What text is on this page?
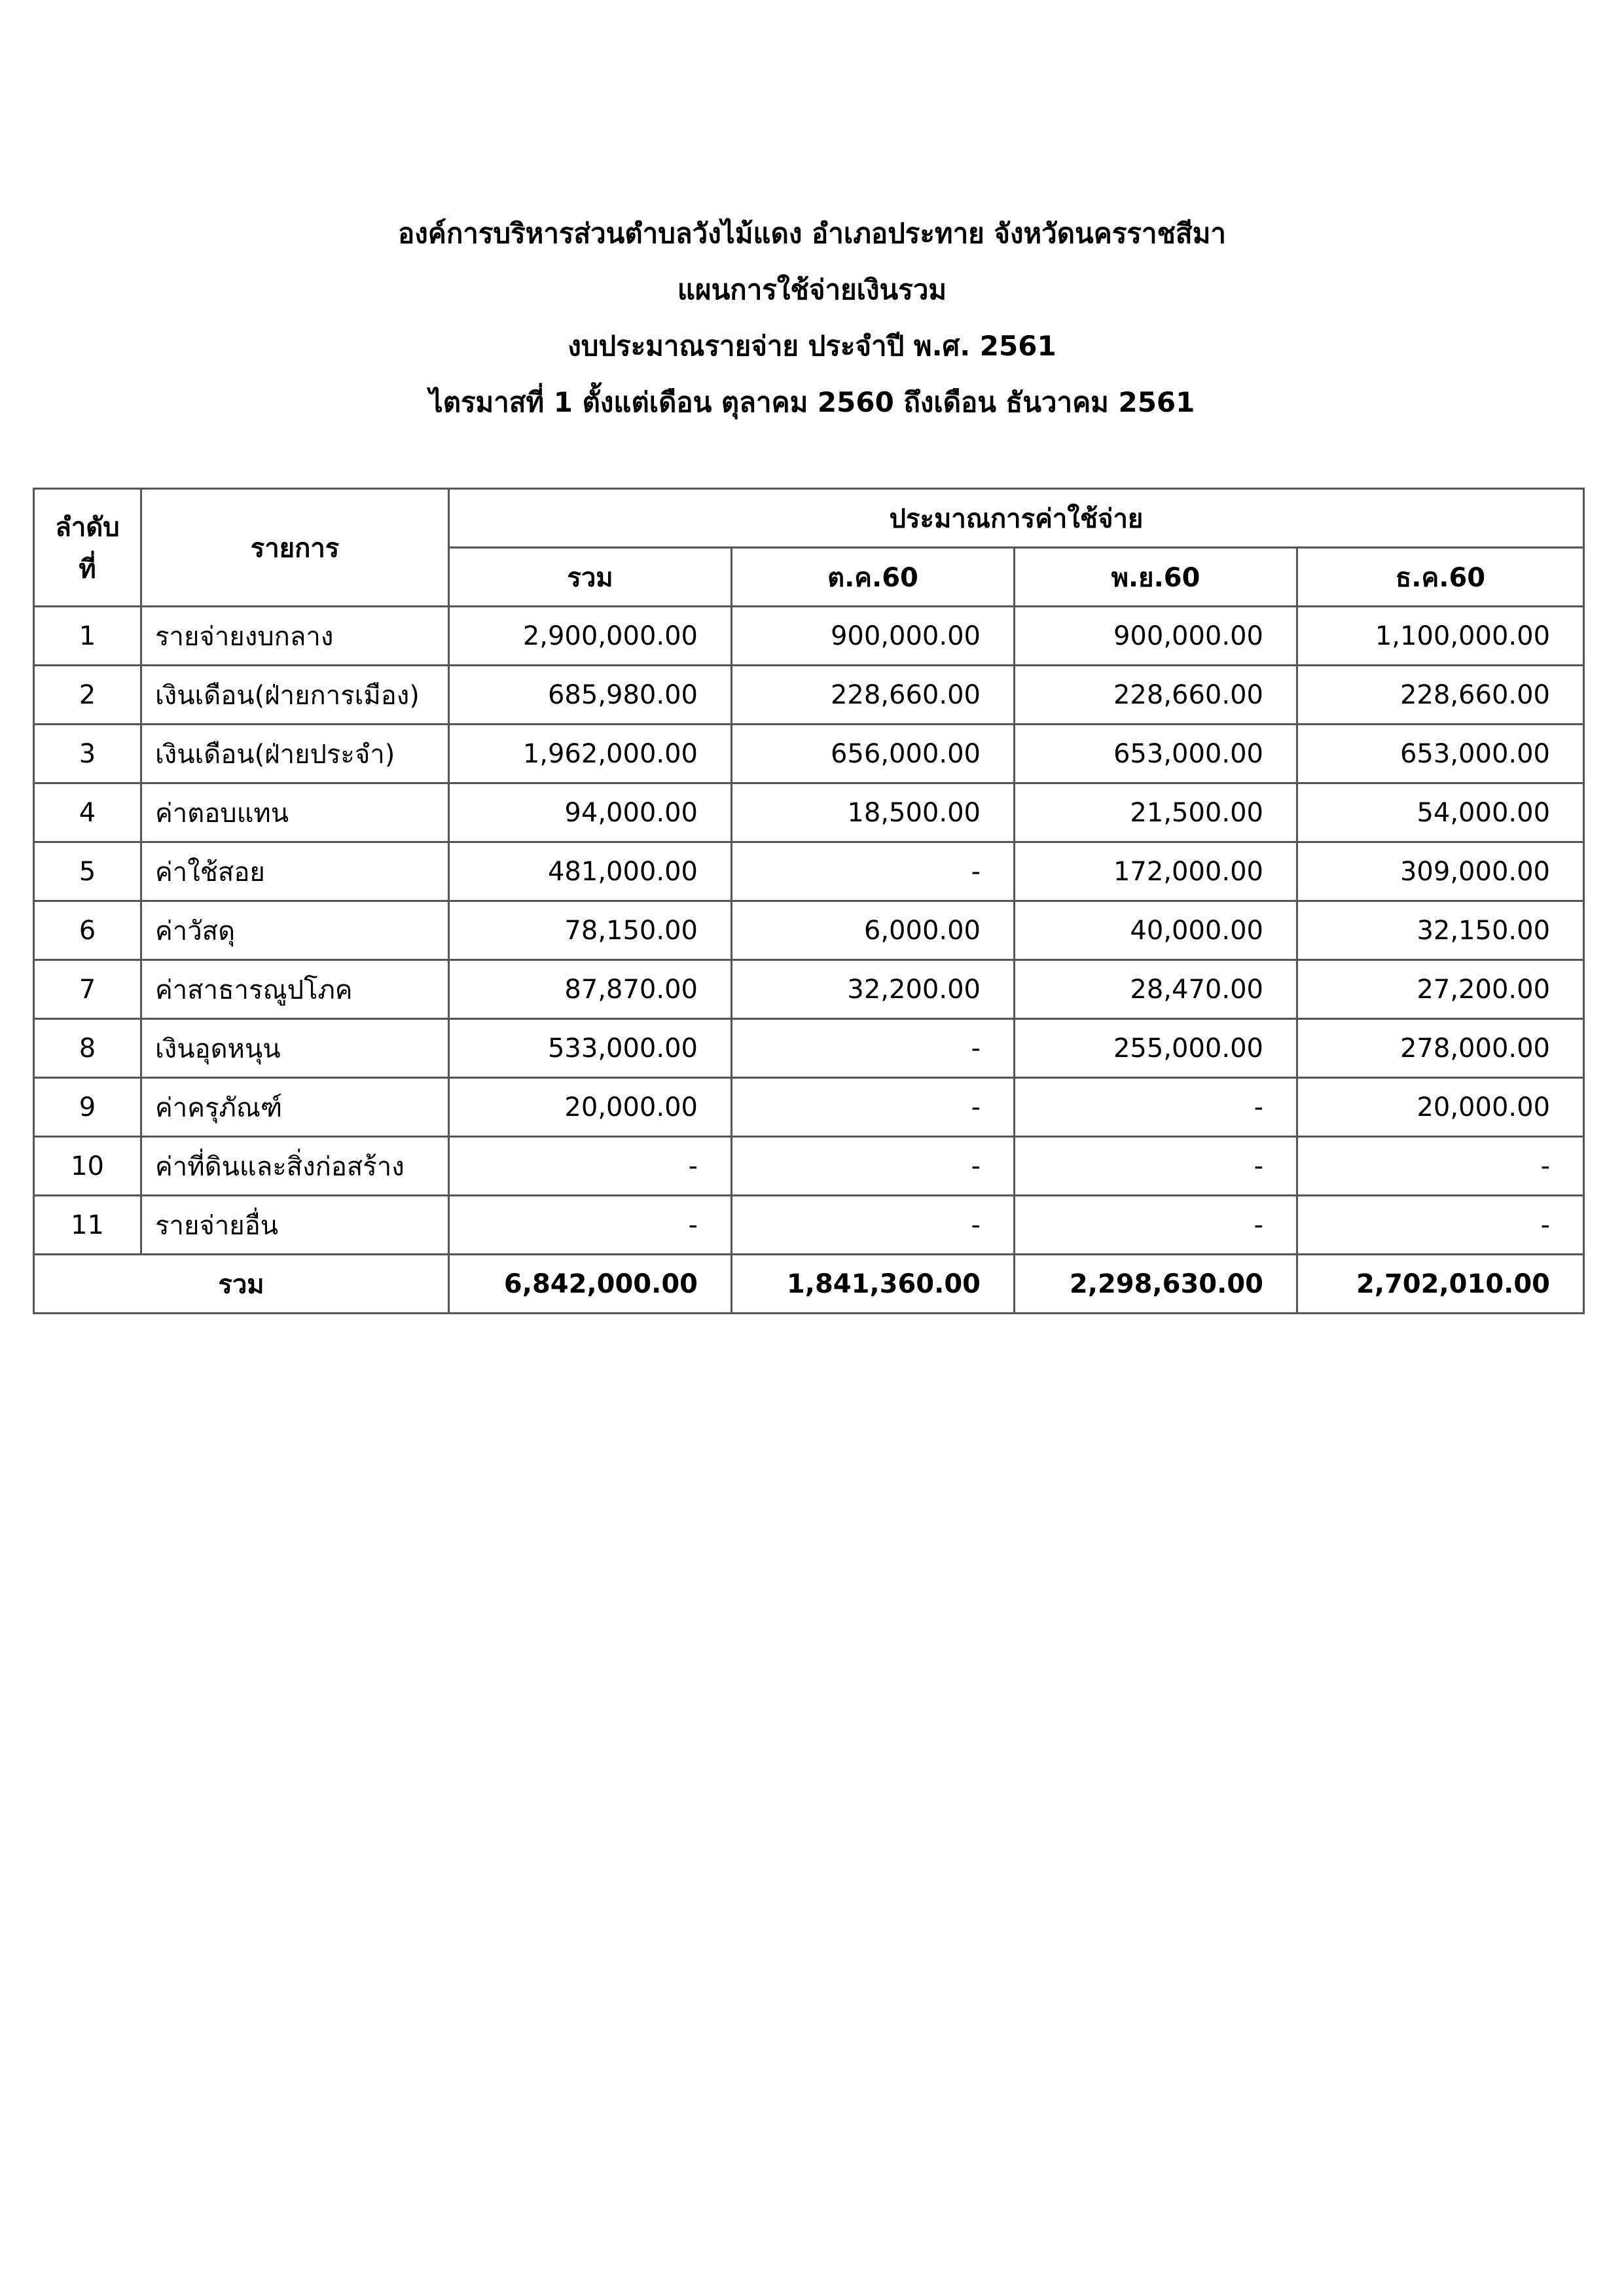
องค์การบริหารส่วนตำบลวังไม้แดง อำเภอประทาย จังหวัดนครราชสีมา
แผนการใช้จ่ายเงินรวม
งบประมาณรายจ่าย ประจำปี พ.ศ. 2561
ไตรมาสที่ 1 ตั้งแต่เดือน ตุลาคม 2560 ถึงเดือน ธันวาคม 2561
ลำดับ
ที่	รายการ	ประมาณการค่าใช้จ่าย			
		รวม	ต.ค.60	พ.ย.60	ธ.ค.60
1	รายจ่ายงบกลาง	2,900,000.00	900,000.00	900,000.00	1,100,000.00
2	เงินเดือน(ฝ่ายการเมือง)	685,980.00	228,660.00	228,660.00	228,660.00
3	เงินเดือน(ฝ่ายประจำ)	1,962,000.00	656,000.00	653,000.00	653,000.00
4	ค่าตอบแทน	94,000.00	18,500.00	21,500.00	54,000.00
5	ค่าใช้สอย	481,000.00	-	172,000.00	309,000.00
6	ค่าวัสดุ	78,150.00	6,000.00	40,000.00	32,150.00
7	ค่าสาธารณูปโภค	87,870.00	32,200.00	28,470.00	27,200.00
8	เงินอุดหนุน	533,000.00	-	255,000.00	278,000.00
9	ค่าครุภัณฑ์	20,000.00	-	-	20,000.00
10	ค่าที่ดินและสิ่งก่อสร้าง	-	-	-	-
11	รายจ่ายอื่น	-	-	-	-
รวม		6,842,000.00	1,841,360.00	2,298,630.00	2,702,010.00
